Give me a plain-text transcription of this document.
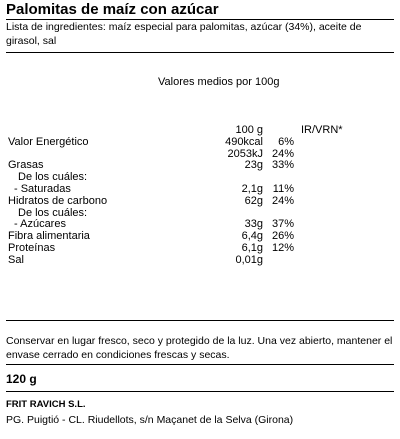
Palomitas de maíz con azúcar
Lista de ingredientes: maíz especial para palomitas, azúcar (34%), aceite de girasol, sal
Valores medios por 100g
100 g	IR/VRN*
Valor Energético	490kcal 6%
2053kJ 24%
Grasas	23g 33%
De los cuáles:
- Saturadas	2,1g 11%
Hidratos de carbono	62g 24%
De los cuáles:
- Azúcares	33g 37%
Fibra alimentaria	6,4g 26%
Proteínas	6,1g 12%
Sal	0,01g
Conservar en lugar fresco, seco y protegido de la luz. Una vez abierto, mantener el envase cerrado en condiciones frescas y secas.
120 g
FRIT RAVICH S.L.
PG. Puigtió - CL. Riudellots, s/n Maçanet de la Selva (Girona)
